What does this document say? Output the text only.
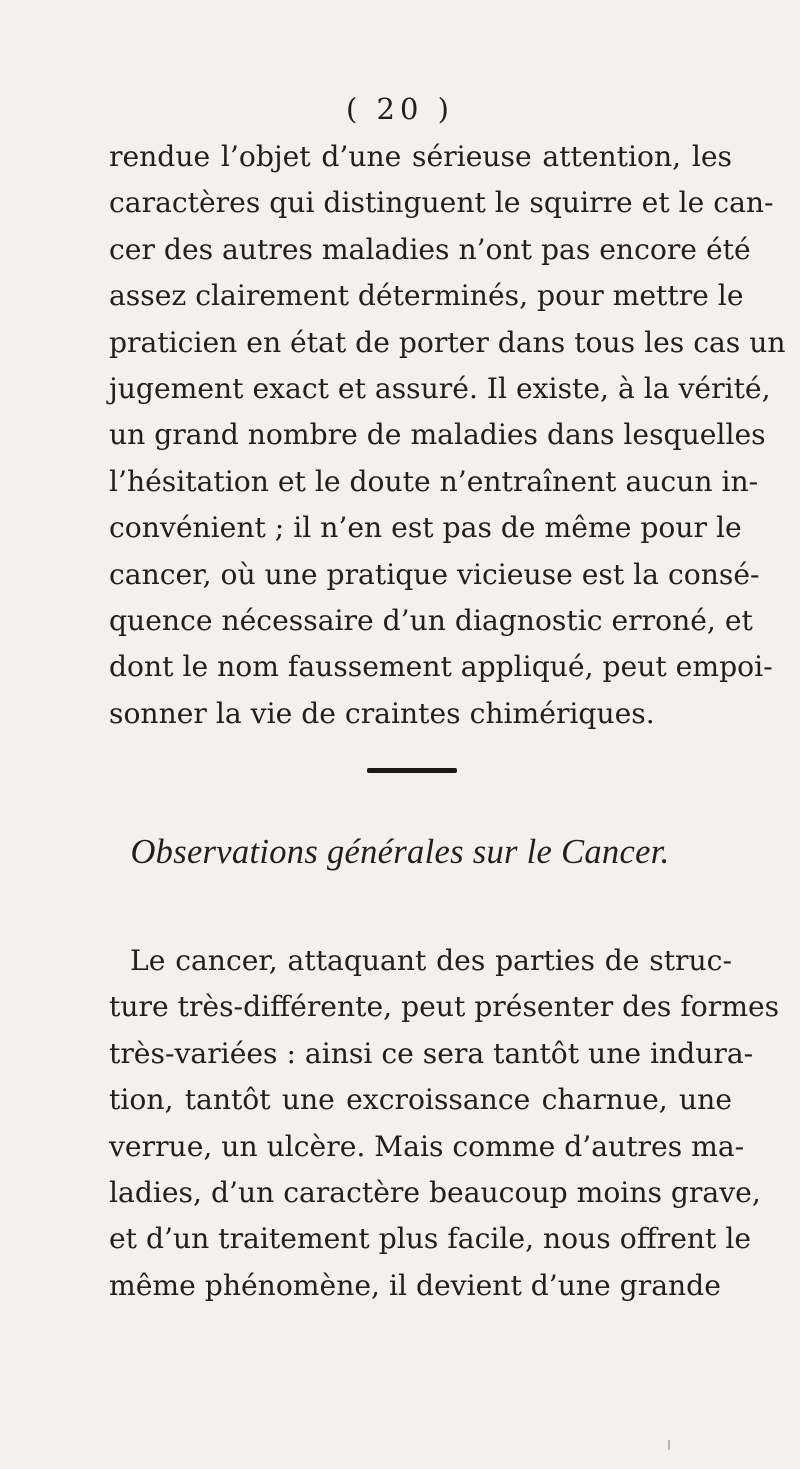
( 20 )

rendue l’objet d’une sérieuse attention, les
caractères qui distinguent le squirre et le can-
cer des autres maladies n’ont pas encore été
assez clairement déterminés, pour mettre le
praticien en état de porter dans tous les cas un
jugement exact et assuré. Il existe, à la vérité,
un grand nombre de maladies dans lesquelles
l’hésitation et le doute n’entraînent aucun in-
convénient ; il n’en est pas de même pour le
cancer, où une pratique vicieuse est la consé-
quence nécessaire d’un diagnostic erroné, et
dont le nom faussement appliqué, peut empoi-
sonner la vie de craintes chimériques.

Observations générales sur le Cancer.

Le cancer, attaquant des parties de struc-
ture très-différente, peut présenter des formes
très-variées : ainsi ce sera tantôt une indura-
tion, tantôt une excroissance charnue, une
verrue, un ulcère. Mais comme d’autres ma-
ladies, d’un caractère beaucoup moins grave,
et d’un traitement plus facile, nous offrent le
même phénomène, il devient d’une grande
